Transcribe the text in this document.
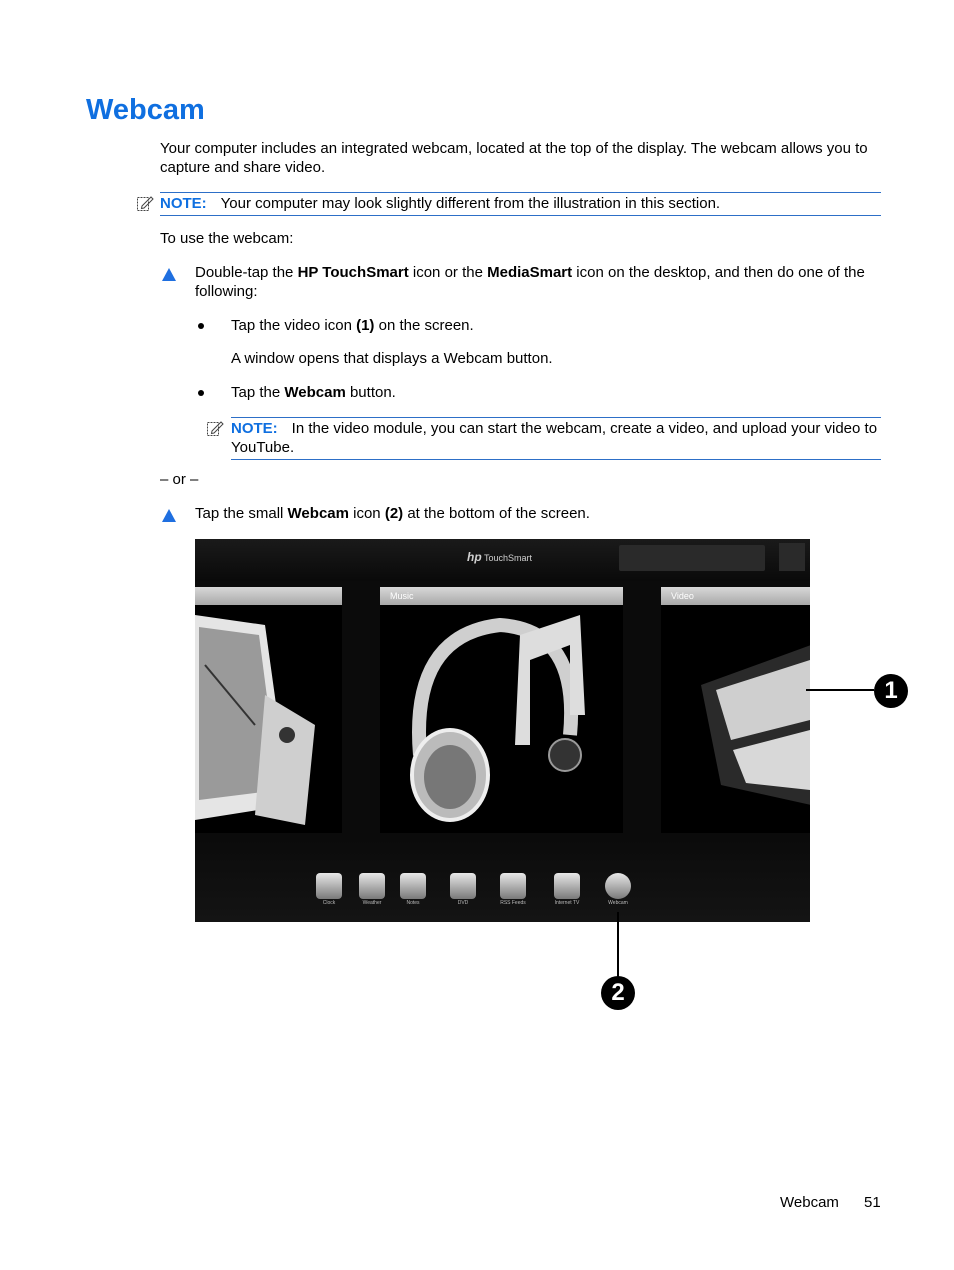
Webcam

Your computer includes an integrated webcam, located at the top of the display. The webcam allows you to capture and share video.

NOTE: Your computer may look slightly different from the illustration in this section.

To use the webcam:

Double-tap the HP TouchSmart icon or the MediaSmart icon on the desktop, and then do one of the following:

Tap the video icon (1) on the screen.

A window opens that displays a Webcam button.

Tap the Webcam button.

NOTE: In the video module, you can start the webcam, create a video, and upload your video to YouTube.

– or –

Tap the small Webcam icon (2) at the bottom of the screen.

hp TouchSmart
Music	Video
Clock	Weather	Notes	DVD	RSS Feeds	Internet TV	Webcam
1
2
Webcam 51
